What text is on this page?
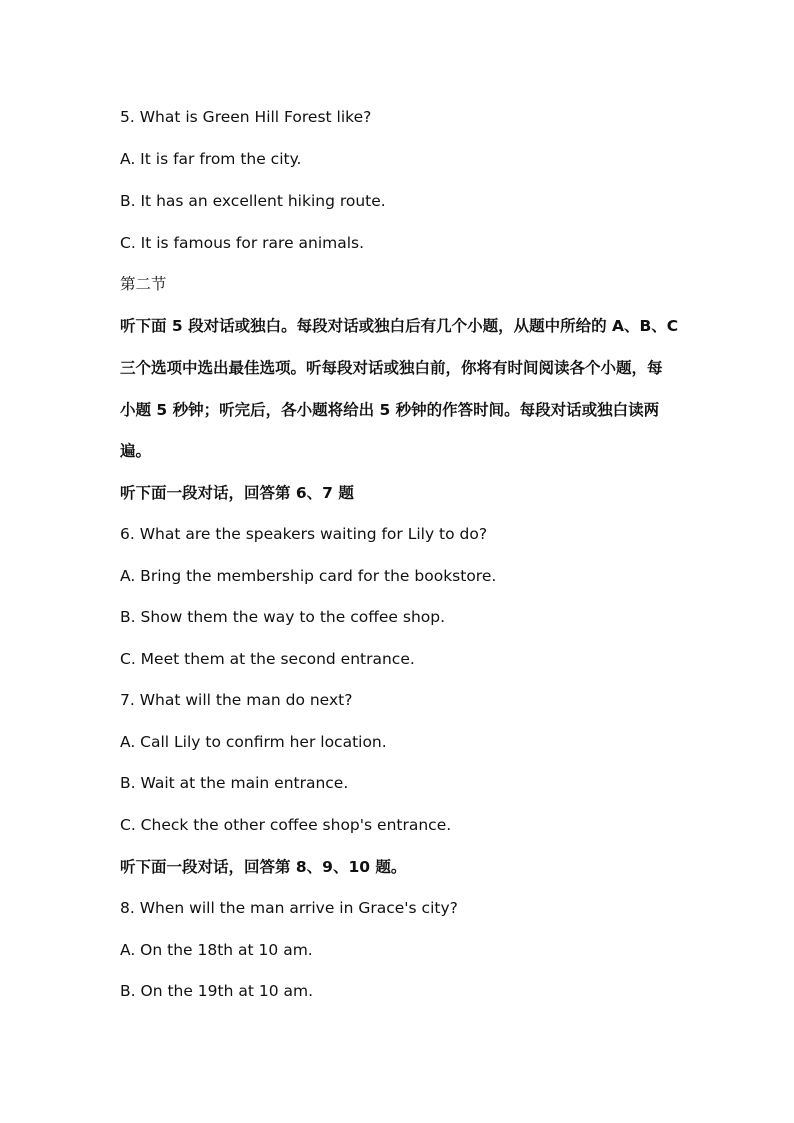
5. What is Green Hill Forest like?
A. It is far from the city.
B. It has an excellent hiking route.
C. It is famous for rare animals.
第二节
听下面 5 段对话或独白。每段对话或独白后有几个小题，从题中所给的 A、B、C
三个选项中选出最佳选项。听每段对话或独白前，你将有时间阅读各个小题，每
小题 5 秒钟；听完后，各小题将给出 5 秒钟的作答时间。每段对话或独白读两
遍。
听下面一段对话，回答第 6、7 题
6. What are the speakers waiting for Lily to do?
A. Bring the membership card for the bookstore.
B. Show them the way to the coffee shop.
C. Meet them at the second entrance.
7. What will the man do next?
A. Call Lily to confirm her location.
B. Wait at the main entrance.
C. Check the other coffee shop's entrance.
听下面一段对话，回答第 8、9、10 题。
8. When will the man arrive in Grace's city?
A. On the 18th at 10 am.
B. On the 19th at 10 am.
